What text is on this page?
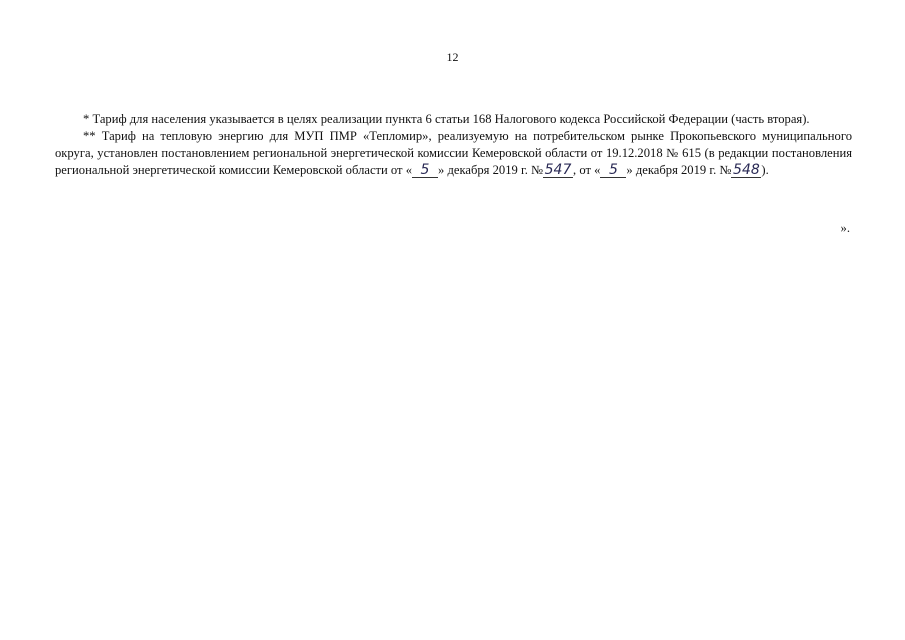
12

* Тариф для населения указывается в целях реализации пункта 6 статьи 168 Налогового кодекса Российской Федерации (часть вторая).

** Тариф на тепловую энергию для МУП ПМР «Тепломир», реализуемую на потребительском рынке Прокопьевского муниципального округа, установлен постановлением региональной энергетической комиссии Кемеровской области от 19.12.2018 № 615 (в редакции постановления региональной энергетической комиссии Кемеровской области от « 5 » декабря 2019 г. № 547 , от « 5 » декабря 2019 г. № 548 ).

».
